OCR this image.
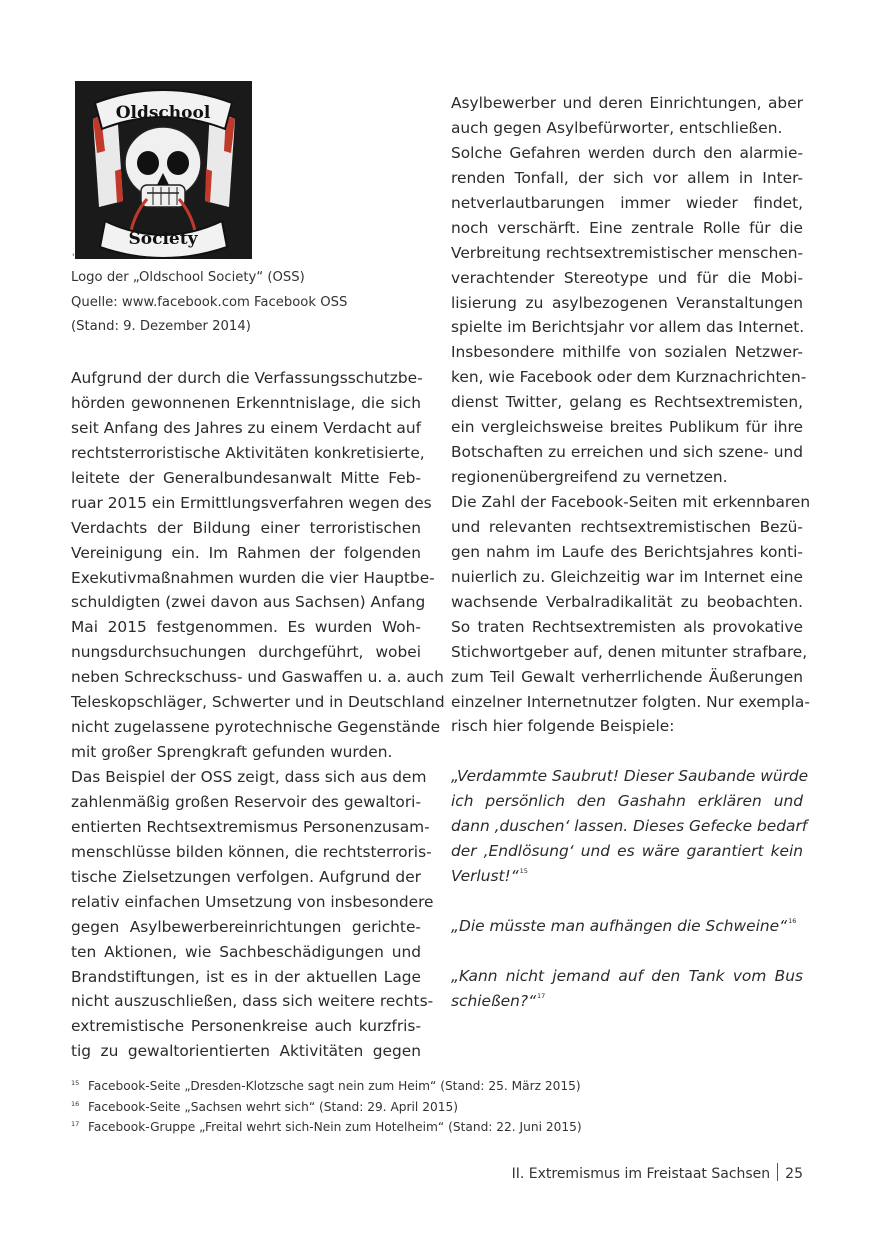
Oldschool
Society
'
Logo der „Oldschool Society“ (OSS)
Quelle: www.facebook.com Facebook OSS
(Stand: 9. Dezember 2014)
Aufgrund der durch die Verfassungsschutzbe-
hörden gewonnenen Erkenntnislage, die sich
seit Anfang des Jahres zu einem Verdacht auf
rechtsterroristische Aktivitäten konkretisierte,
leitete der Generalbundesanwalt Mitte Feb-
ruar 2015 ein Ermittlungsverfahren wegen des
Verdachts der Bildung einer terroristischen
Vereinigung ein. Im Rahmen der folgenden
Exekutivmaßnahmen wurden die vier Hauptbe-
schuldigten (zwei davon aus Sachsen) Anfang
Mai 2015 festgenommen. Es wurden Woh-
nungsdurchsuchungen durchgeführt, wobei
neben Schreckschuss- und Gaswaffen u. a. auch
Teleskopschläger, Schwerter und in Deutschland
nicht zugelassene pyrotechnische Gegenstände
mit großer Sprengkraft gefunden wurden.
Das Beispiel der OSS zeigt, dass sich aus dem
zahlenmäßig großen Reservoir des gewaltori-
entierten Rechtsextremismus Personenzusam-
menschlüsse bilden können, die rechtsterroris-
tische Zielsetzungen verfolgen. Aufgrund der
relativ einfachen Umsetzung von insbesondere
gegen Asylbewerbereinrichtungen gerichte-
ten Aktionen, wie Sachbeschädigungen und
Brandstiftungen, ist es in der aktuellen Lage
nicht auszuschließen, dass sich weitere rechts-
extremistische Personenkreise auch kurzfris-
tig zu gewaltorientierten Aktivitäten gegen
Asylbewerber und deren Einrichtungen, aber
auch gegen Asylbefürworter, entschließen.
Solche Gefahren werden durch den alarmie-
renden Tonfall, der sich vor allem in Inter-
netverlautbarungen immer wieder findet,
noch verschärft. Eine zentrale Rolle für die
Verbreitung rechtsextremistischer menschen-
verachtender Stereotype und für die Mobi-
lisierung zu asylbezogenen Veranstaltungen
spielte im Berichtsjahr vor allem das Internet.
Insbesondere mithilfe von sozialen Netzwer-
ken, wie Facebook oder dem Kurznachrichten-
dienst Twitter, gelang es Rechtsextremisten,
ein vergleichsweise breites Publikum für ihre
Botschaften zu erreichen und sich szene- und
regionenübergreifend zu vernetzen.
Die Zahl der Facebook-Seiten mit erkennbaren
und relevanten rechtsextremistischen Bezü-
gen nahm im Laufe des Berichtsjahres konti-
nuierlich zu. Gleichzeitig war im Internet eine
wachsende Verbalradikalität zu beobachten.
So traten Rechtsextremisten als provokative
Stichwortgeber auf, denen mitunter strafbare,
zum Teil Gewalt verherrlichende Äußerungen
einzelner Internetnutzer folgten. Nur exempla-
risch hier folgende Beispiele:
„Verdammte Saubrut! Dieser Saubande würde
ich persönlich den Gashahn erklären und
dann ‚duschen‘ lassen. Dieses Gefecke bedarf
der ‚Endlösung‘ und es wäre garantiert kein
Verlust!“$^{15}$
„Die müsste man aufhängen die Schweine“$^{16}$
„Kann nicht jemand auf den Tank vom Bus
schießen?“$^{17}$
15 Facebook-Seite „Dresden-Klotzsche sagt nein zum Heim“ (Stand: 25. März 2015)
16 Facebook-Seite „Sachsen wehrt sich“ (Stand: 29. April 2015)
17 Facebook-Gruppe „Freital wehrt sich-Nein zum Hotelheim“ (Stand: 22. Juni 2015)
II. Extremismus im Freistaat Sachsen 25
